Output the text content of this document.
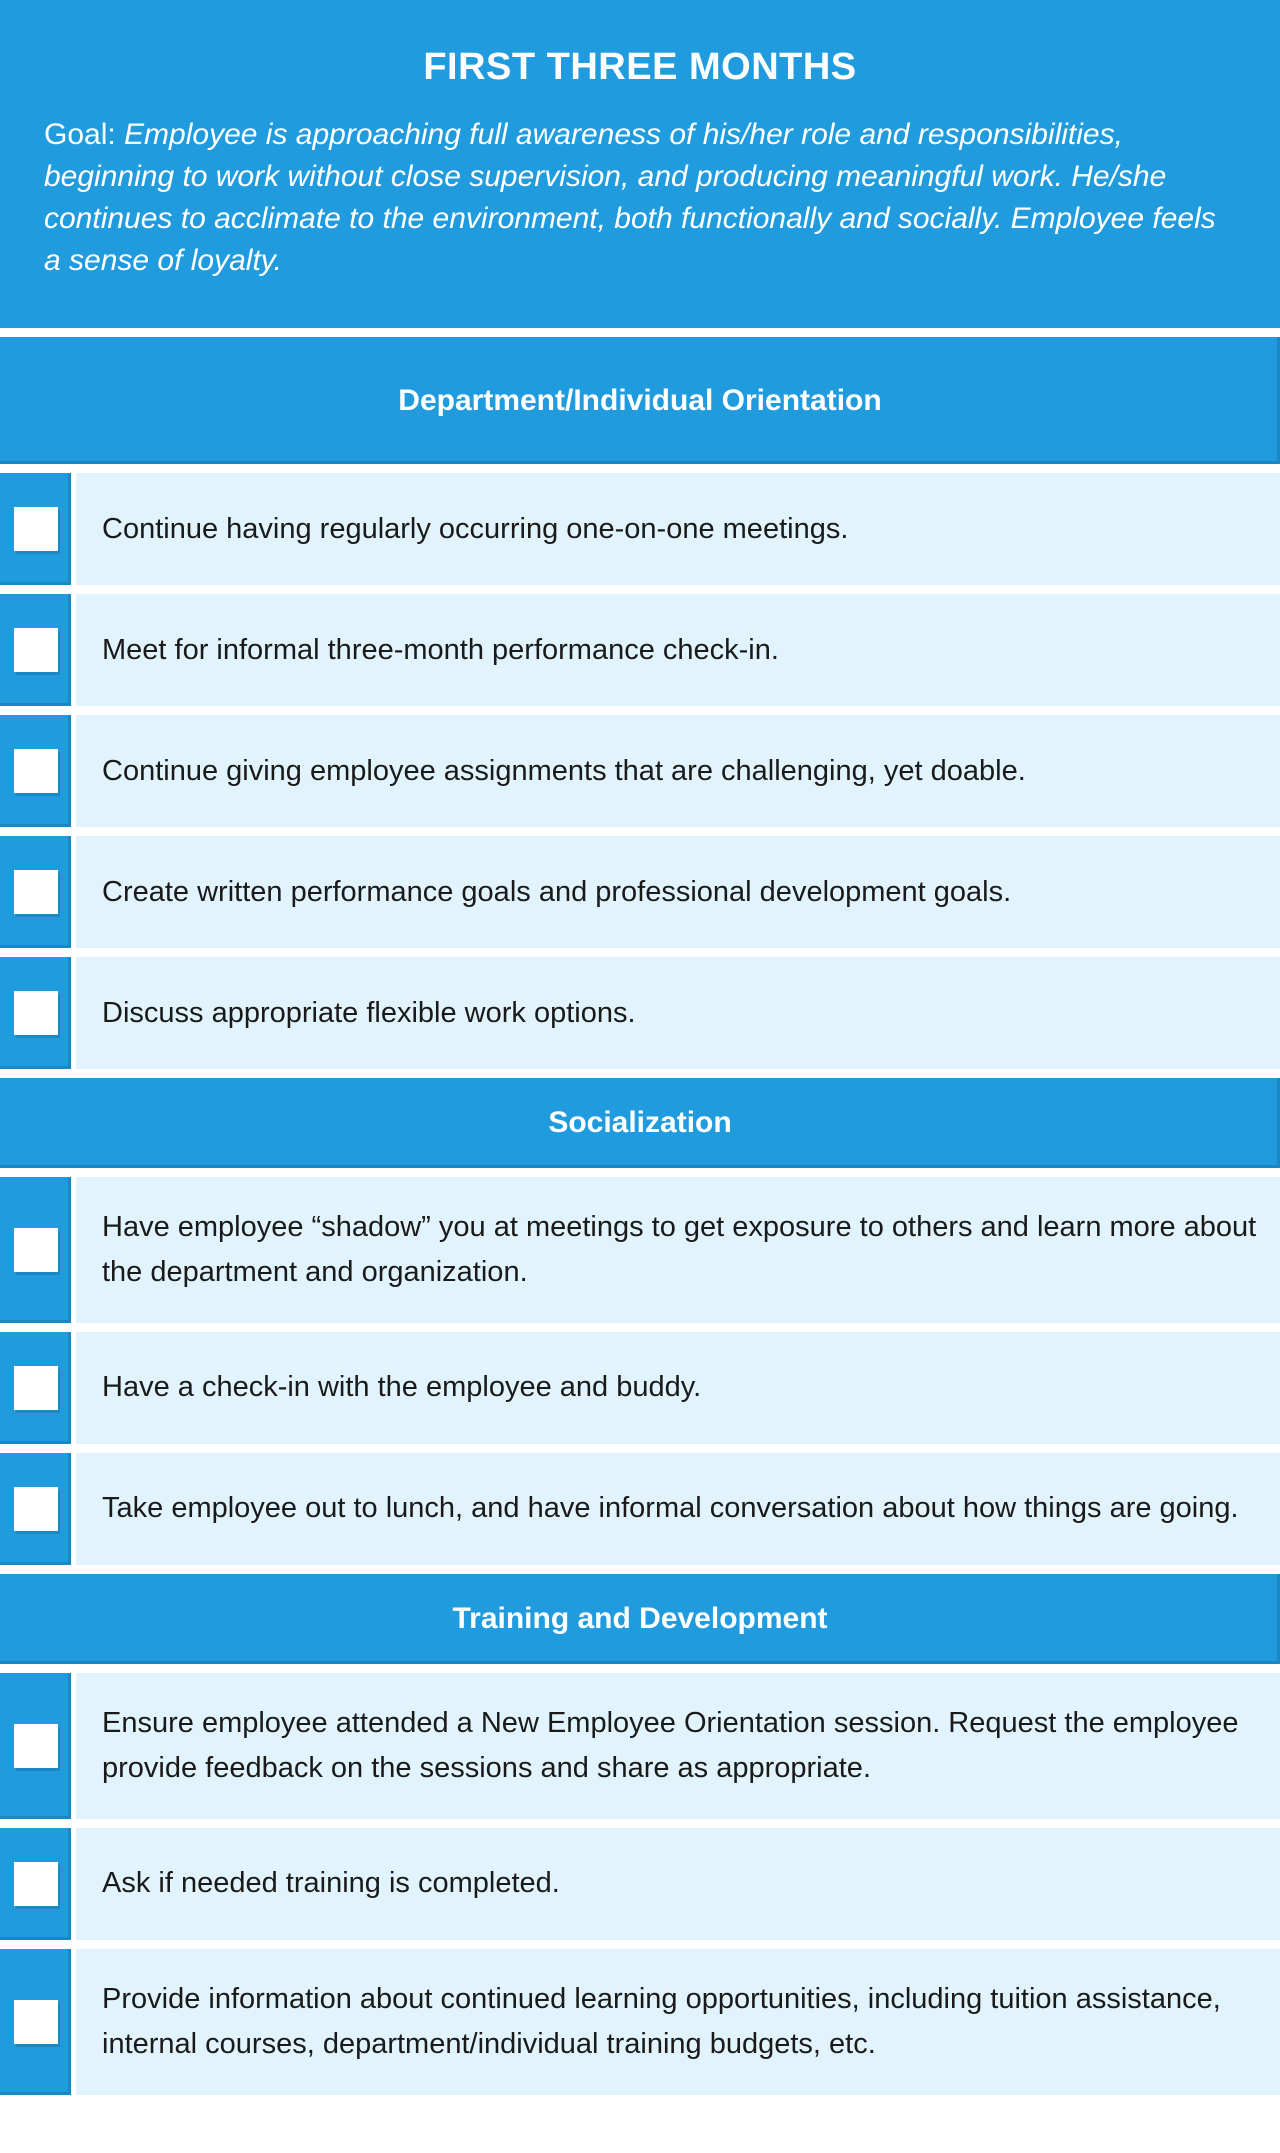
FIRST THREE MONTHS

Goal: Employee is approaching full awareness of his/her role and responsibilities, beginning to work without close supervision, and producing meaningful work. He/she continues to acclimate to the environment, both functionally and socially. Employee feels a sense of loyalty.

Department/Individual Orientation
Continue having regularly occurring one-on-one meetings.
Meet for informal three-month performance check-in.
Continue giving employee assignments that are challenging, yet doable.
Create written performance goals and professional development goals.
Discuss appropriate flexible work options.
Socialization
Have employee “shadow” you at meetings to get exposure to others and learn more about the department and organization.
Have a check-in with the employee and buddy.
Take employee out to lunch, and have informal conversation about how things are going.
Training and Development
Ensure employee attended a New Employee Orientation session. Request the employee provide feedback on the sessions and share as appropriate.
Ask if needed training is completed.
Provide information about continued learning opportunities, including tuition assistance, internal courses, department/individual training budgets, etc.
